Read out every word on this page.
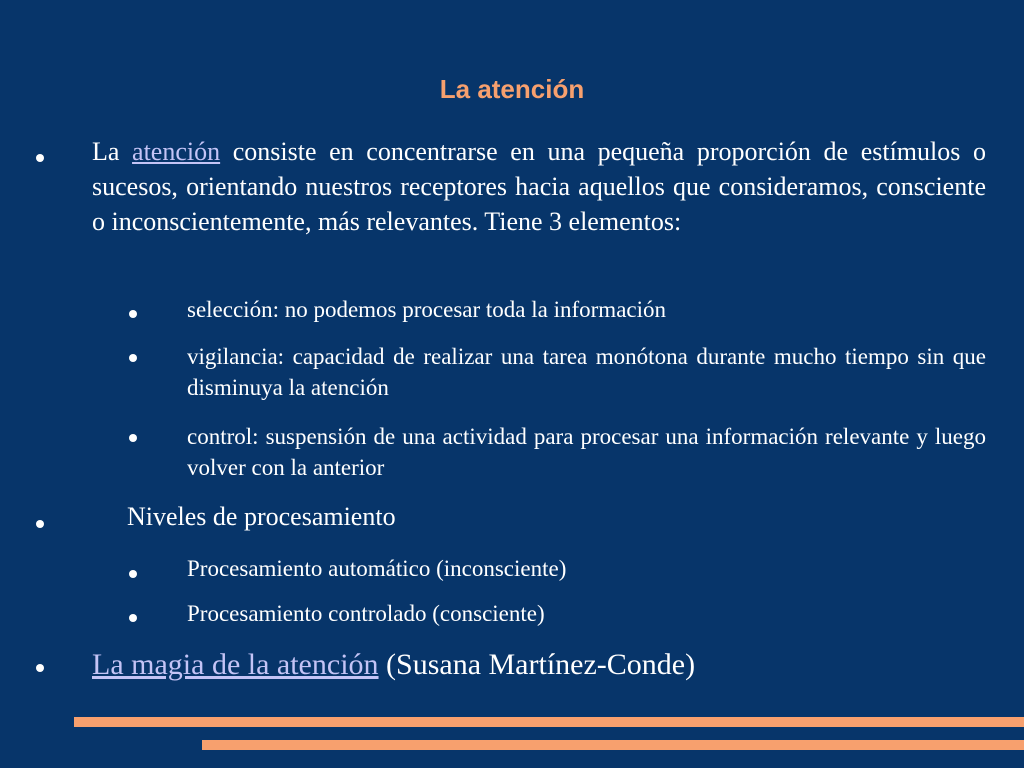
La atención
La atención consiste en concentrarse en una pequeña proporción de estímulos o sucesos, orientando nuestros receptores hacia aquellos que consideramos, consciente o inconscientemente, más relevantes. Tiene 3 elementos:
selección: no podemos procesar toda la información
vigilancia: capacidad de realizar una tarea monótona durante mucho tiempo sin que disminuya la atención
control: suspensión de una actividad para procesar una información relevante y luego volver con la anterior
Niveles de procesamiento
Procesamiento automático (inconsciente)
Procesamiento controlado (consciente)
La magia de la atención (Susana Martínez-Conde)
